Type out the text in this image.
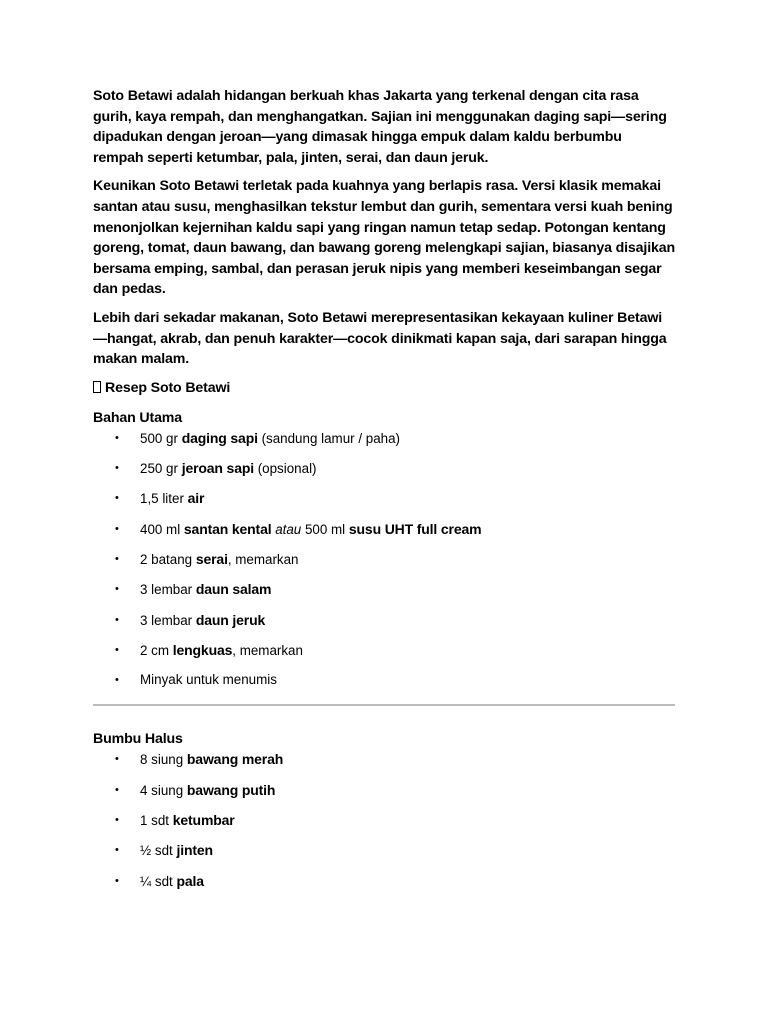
Soto Betawi adalah hidangan berkuah khas Jakarta yang terkenal dengan cita rasa gurih, kaya rempah, dan menghangatkan. Sajian ini menggunakan daging sapi—sering dipadukan dengan jeroan—yang dimasak hingga empuk dalam kaldu berbumbu rempah seperti ketumbar, pala, jinten, serai, dan daun jeruk.

Keunikan Soto Betawi terletak pada kuahnya yang berlapis rasa. Versi klasik memakai santan atau susu, menghasilkan tekstur lembut dan gurih, sementara versi kuah bening menonjolkan kejernihan kaldu sapi yang ringan namun tetap sedap. Potongan kentang goreng, tomat, daun bawang, dan bawang goreng melengkapi sajian, biasanya disajikan bersama emping, sambal, dan perasan jeruk nipis yang memberi keseimbangan segar dan pedas.

Lebih dari sekadar makanan, Soto Betawi merepresentasikan kekayaan kuliner Betawi—hangat, akrab, dan penuh karakter—cocok dinikmati kapan saja, dari sarapan hingga makan malam.

Resep Soto Betawi
Bahan Utama
• 500 gr daging sapi (sandung lamur / paha)
• 250 gr jeroan sapi (opsional)
• 1,5 liter air
• 400 ml santan kental atau 500 ml susu UHT full cream
• 2 batang serai, memarkan
• 3 lembar daun salam
• 3 lembar daun jeruk
• 2 cm lengkuas, memarkan
• Minyak untuk menumis
Bumbu Halus
• 8 siung bawang merah
• 4 siung bawang putih
• 1 sdt ketumbar
• ½ sdt jinten
• ¼ sdt pala
